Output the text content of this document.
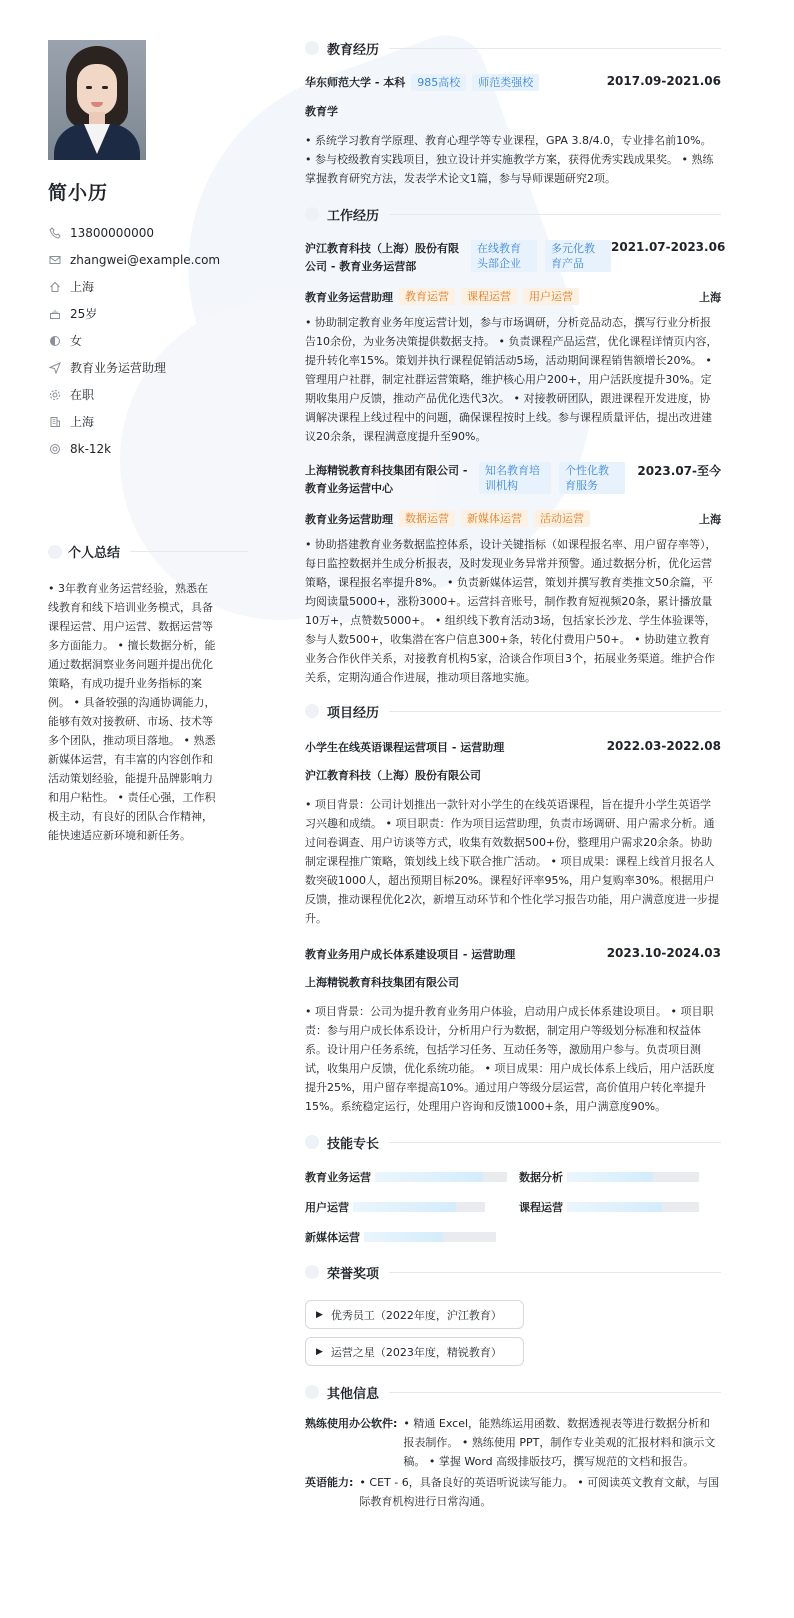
简小历
13800000000
zhangwei@example.com
上海
25岁
女
教育业务运营助理
在职
上海
8k-12k
个人总结
• 3年教育业务运营经验，熟悉在线教育和线下培训业务模式，具备课程运营、用户运营、数据运营等多方面能力。 • 擅长数据分析，能通过数据洞察业务问题并提出优化策略，有成功提升业务指标的案例。 • 具备较强的沟通协调能力，能够有效对接教研、市场、技术等多个团队，推动项目落地。 • 熟悉新媒体运营，有丰富的内容创作和活动策划经验，能提升品牌影响力和用户粘性。 • 责任心强，工作积极主动，有良好的团队合作精神，能快速适应新环境和新任务。
教育经历
华东师范大学 - 本科	985高校	师范类强校	2017.09-2021.06
教育学
• 系统学习教育学原理、教育心理学等专业课程，GPA 3.8/4.0，专业排名前10%。 • 参与校级教育实践项目，独立设计并实施教学方案，获得优秀实践成果奖。 • 熟练掌握教育研究方法，发表学术论文1篇，参与导师课题研究2项。
工作经历
沪江教育科技（上海）股份有限公司 - 教育业务运营部
在线教育头部企业
多元化教育产品
2021.07-2023.06
教育业务运营助理	教育运营	课程运营	用户运营	上海
• 协助制定教育业务年度运营计划，参与市场调研，分析竞品动态，撰写行业分析报告10余份，为业务决策提供数据支持。 • 负责课程产品运营，优化课程详情页内容，提升转化率15%。策划并执行课程促销活动5场，活动期间课程销售额增长20%。 • 管理用户社群，制定社群运营策略，维护核心用户200+，用户活跃度提升30%。定期收集用户反馈，推动产品优化迭代3次。 • 对接教研团队，跟进课程开发进度，协调解决课程上线过程中的问题，确保课程按时上线。参与课程质量评估，提出改进建议20余条，课程满意度提升至90%。
上海精锐教育科技集团有限公司 - 教育业务运营中心
知名教育培训机构
个性化教育服务
2023.07-至今
教育业务运营助理	数据运营	新媒体运营	活动运营	上海
• 协助搭建教育业务数据监控体系，设计关键指标（如课程报名率、用户留存率等），每日监控数据并生成分析报表，及时发现业务异常并预警。通过数据分析，优化运营策略，课程报名率提升8%。 • 负责新媒体运营，策划并撰写教育类推文50余篇，平均阅读量5000+，涨粉3000+。运营抖音账号，制作教育短视频20条，累计播放量10万+，点赞数5000+。 • 组织线下教育活动3场，包括家长沙龙、学生体验课等，参与人数500+，收集潜在客户信息300+条，转化付费用户50+。 • 协助建立教育业务合作伙伴关系，对接教育机构5家，洽谈合作项目3个，拓展业务渠道。维护合作关系，定期沟通合作进展，推动项目落地实施。
项目经历
小学生在线英语课程运营项目 - 运营助理	2022.03-2022.08
沪江教育科技（上海）股份有限公司
• 项目背景：公司计划推出一款针对小学生的在线英语课程，旨在提升小学生英语学习兴趣和成绩。 • 项目职责：作为项目运营助理，负责市场调研、用户需求分析。通过问卷调查、用户访谈等方式，收集有效数据500+份，整理用户需求20余条。协助制定课程推广策略，策划线上线下联合推广活动。 • 项目成果：课程上线首月报名人数突破1000人，超出预期目标20%。课程好评率95%，用户复购率30%。根据用户反馈，推动课程优化2次，新增互动环节和个性化学习报告功能，用户满意度进一步提升。
教育业务用户成长体系建设项目 - 运营助理	2023.10-2024.03
上海精锐教育科技集团有限公司
• 项目背景：公司为提升教育业务用户体验，启动用户成长体系建设项目。 • 项目职责：参与用户成长体系设计，分析用户行为数据，制定用户等级划分标准和权益体系。设计用户任务系统，包括学习任务、互动任务等，激励用户参与。负责项目测试，收集用户反馈，优化系统功能。 • 项目成果：用户成长体系上线后，用户活跃度提升25%，用户留存率提高10%。通过用户等级分层运营，高价值用户转化率提升15%。系统稳定运行，处理用户咨询和反馈1000+条，用户满意度90%。
技能专长
教育业务运营	数据分析
用户运营	课程运营
新媒体运营
荣誉奖项
▶ 优秀员工（2022年度，沪江教育）
▶ 运营之星（2023年度，精锐教育）
其他信息
熟练使用办公软件: • 精通 Excel，能熟练运用函数、数据透视表等进行数据分析和报表制作。 • 熟练使用 PPT，制作专业美观的汇报材料和演示文稿。 • 掌握 Word 高级排版技巧，撰写规范的文档和报告。
英语能力: • CET - 6，具备良好的英语听说读写能力。 • 可阅读英文教育文献，与国际教育机构进行日常沟通。
